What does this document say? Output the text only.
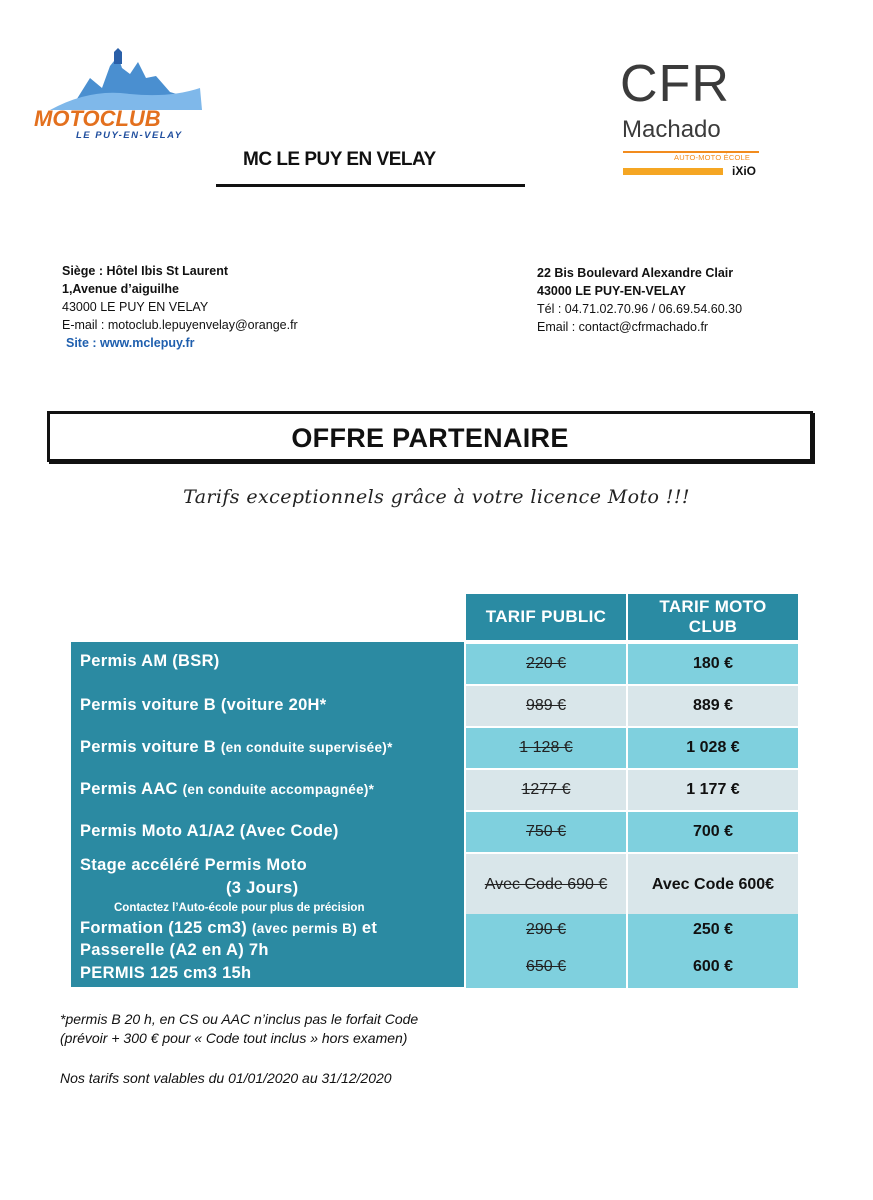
MOTOCLUB
LE PUY-EN-VELAY
MC LE PUY EN VELAY
CFR
Machado
AUTO-MOTO ÉCOLE
iXiO
Siège : Hôtel Ibis St Laurent
1,Avenue d’aiguilhe
43000 LE PUY EN VELAY
E-mail : motoclub.lepuyenvelay@orange.fr
Site : www.mclepuy.fr
22 Bis Boulevard Alexandre Clair
43000 LE PUY-EN-VELAY
Tél : 04.71.02.70.96 / 06.69.54.60.30
Email : contact@cfrmachado.fr
OFFRE PARTENAIRE
Tarifs exceptionnels grâce à votre licence Moto !!!
TARIF PUBLIC
TARIF MOTO
CLUB
Permis AM (BSR)
Permis voiture B (voiture 20H*
Permis voiture B (en conduite supervisée)*
Permis AAC (en conduite accompagnée)*
Permis Moto A1/A2 (Avec Code)
Stage accéléré Permis Moto
(3 Jours)
Contactez l’Auto-école pour plus de précision
Formation (125 cm3) (avec permis B) et
Passerelle (A2 en A) 7h
PERMIS 125 cm3 15h
220 €
989 €
1 128 €
1277 €
750 €
Avec Code 690 €
290 €
650 €
180 €
889 €
1 028 €
1 177 €
700 €
Avec Code 600€
250 €
600 €
*permis B 20 h, en CS ou AAC n’inclus pas le forfait Code
(prévoir + 300 € pour « Code tout inclus » hors examen)
Nos tarifs sont valables du 01/01/2020 au 31/12/2020
